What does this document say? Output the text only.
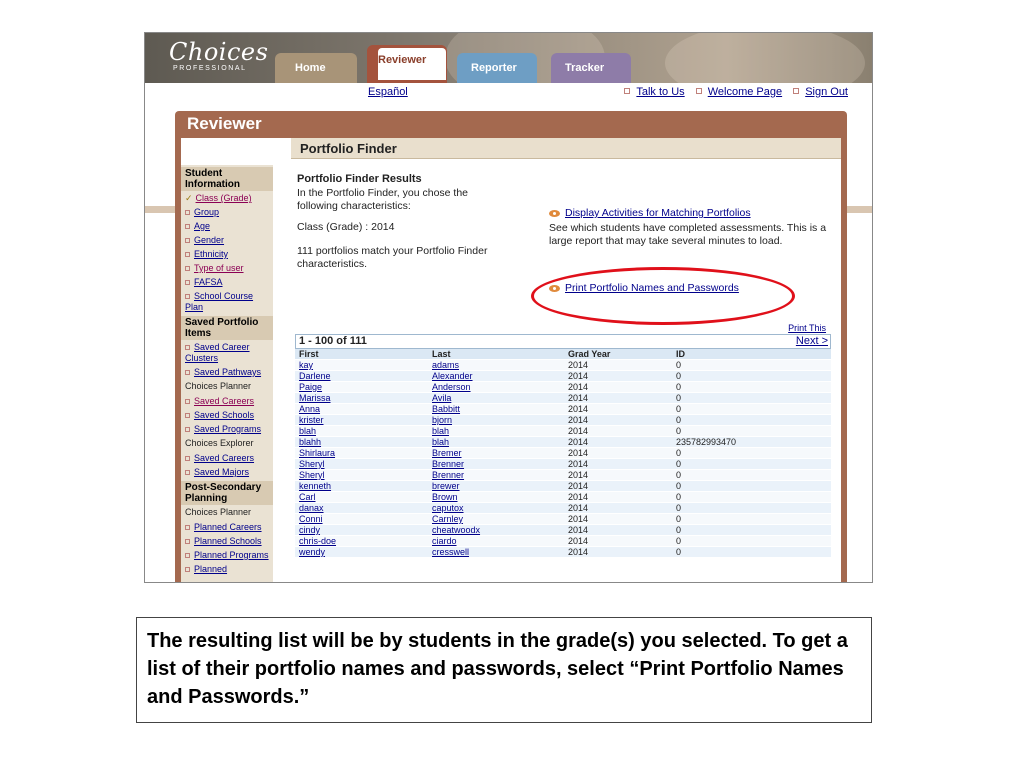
Choices
PROFESSIONAL	Home
Reviewer
Reporter	Tracker
Español	Talk to Us Welcome Page Sign Out
Reviewer
Portfolio Finder
Student Information
✓ Class (Grade)
Group
Age
Gender
Ethnicity
Type of user
FAFSA
School Course Plan
Saved Portfolio Items
Saved Career Clusters
Saved Pathways
Choices Planner
Saved Careers
Saved Schools
Saved Programs
Choices Explorer
Saved Careers
Saved Majors
Post-Secondary Planning
Choices Planner
Planned Careers
Planned Schools
Planned Programs
Planned
Portfolio Finder Results
In the Portfolio Finder, you chose the following characteristics:
Class (Grade) : 2014
111 portfolios match your Portfolio Finder characteristics.
Display Activities for Matching Portfolios
See which students have completed assessments. This is a large report that may take several minutes to load.
Print Portfolio Names and Passwords
Print This
1 - 100 of 111	Next >
First	Last	Grad Year	ID
kay	adams	2014	0
Darlene	Alexander	2014	0
Paige	Anderson	2014	0
Marissa	Avila	2014	0
Anna	Babbitt	2014	0
krister	bjorn	2014	0
blah	blah	2014	0
blahh	blah	2014	235782993470
Shirlaura	Bremer	2014	0
Sheryl	Brenner	2014	0
Sheryl	Brenner	2014	0
kenneth	brewer	2014	0
Carl	Brown	2014	0
danax	caputox	2014	0
Conni	Carnley	2014	0
cindy	cheatwoodx	2014	0
chris-doe	ciardo	2014	0
wendy	cresswell	2014	0
The resulting list will be by students in the grade(s) you selected. To get a list of their portfolio names and passwords, select “Print Portfolio Names and Passwords.”
